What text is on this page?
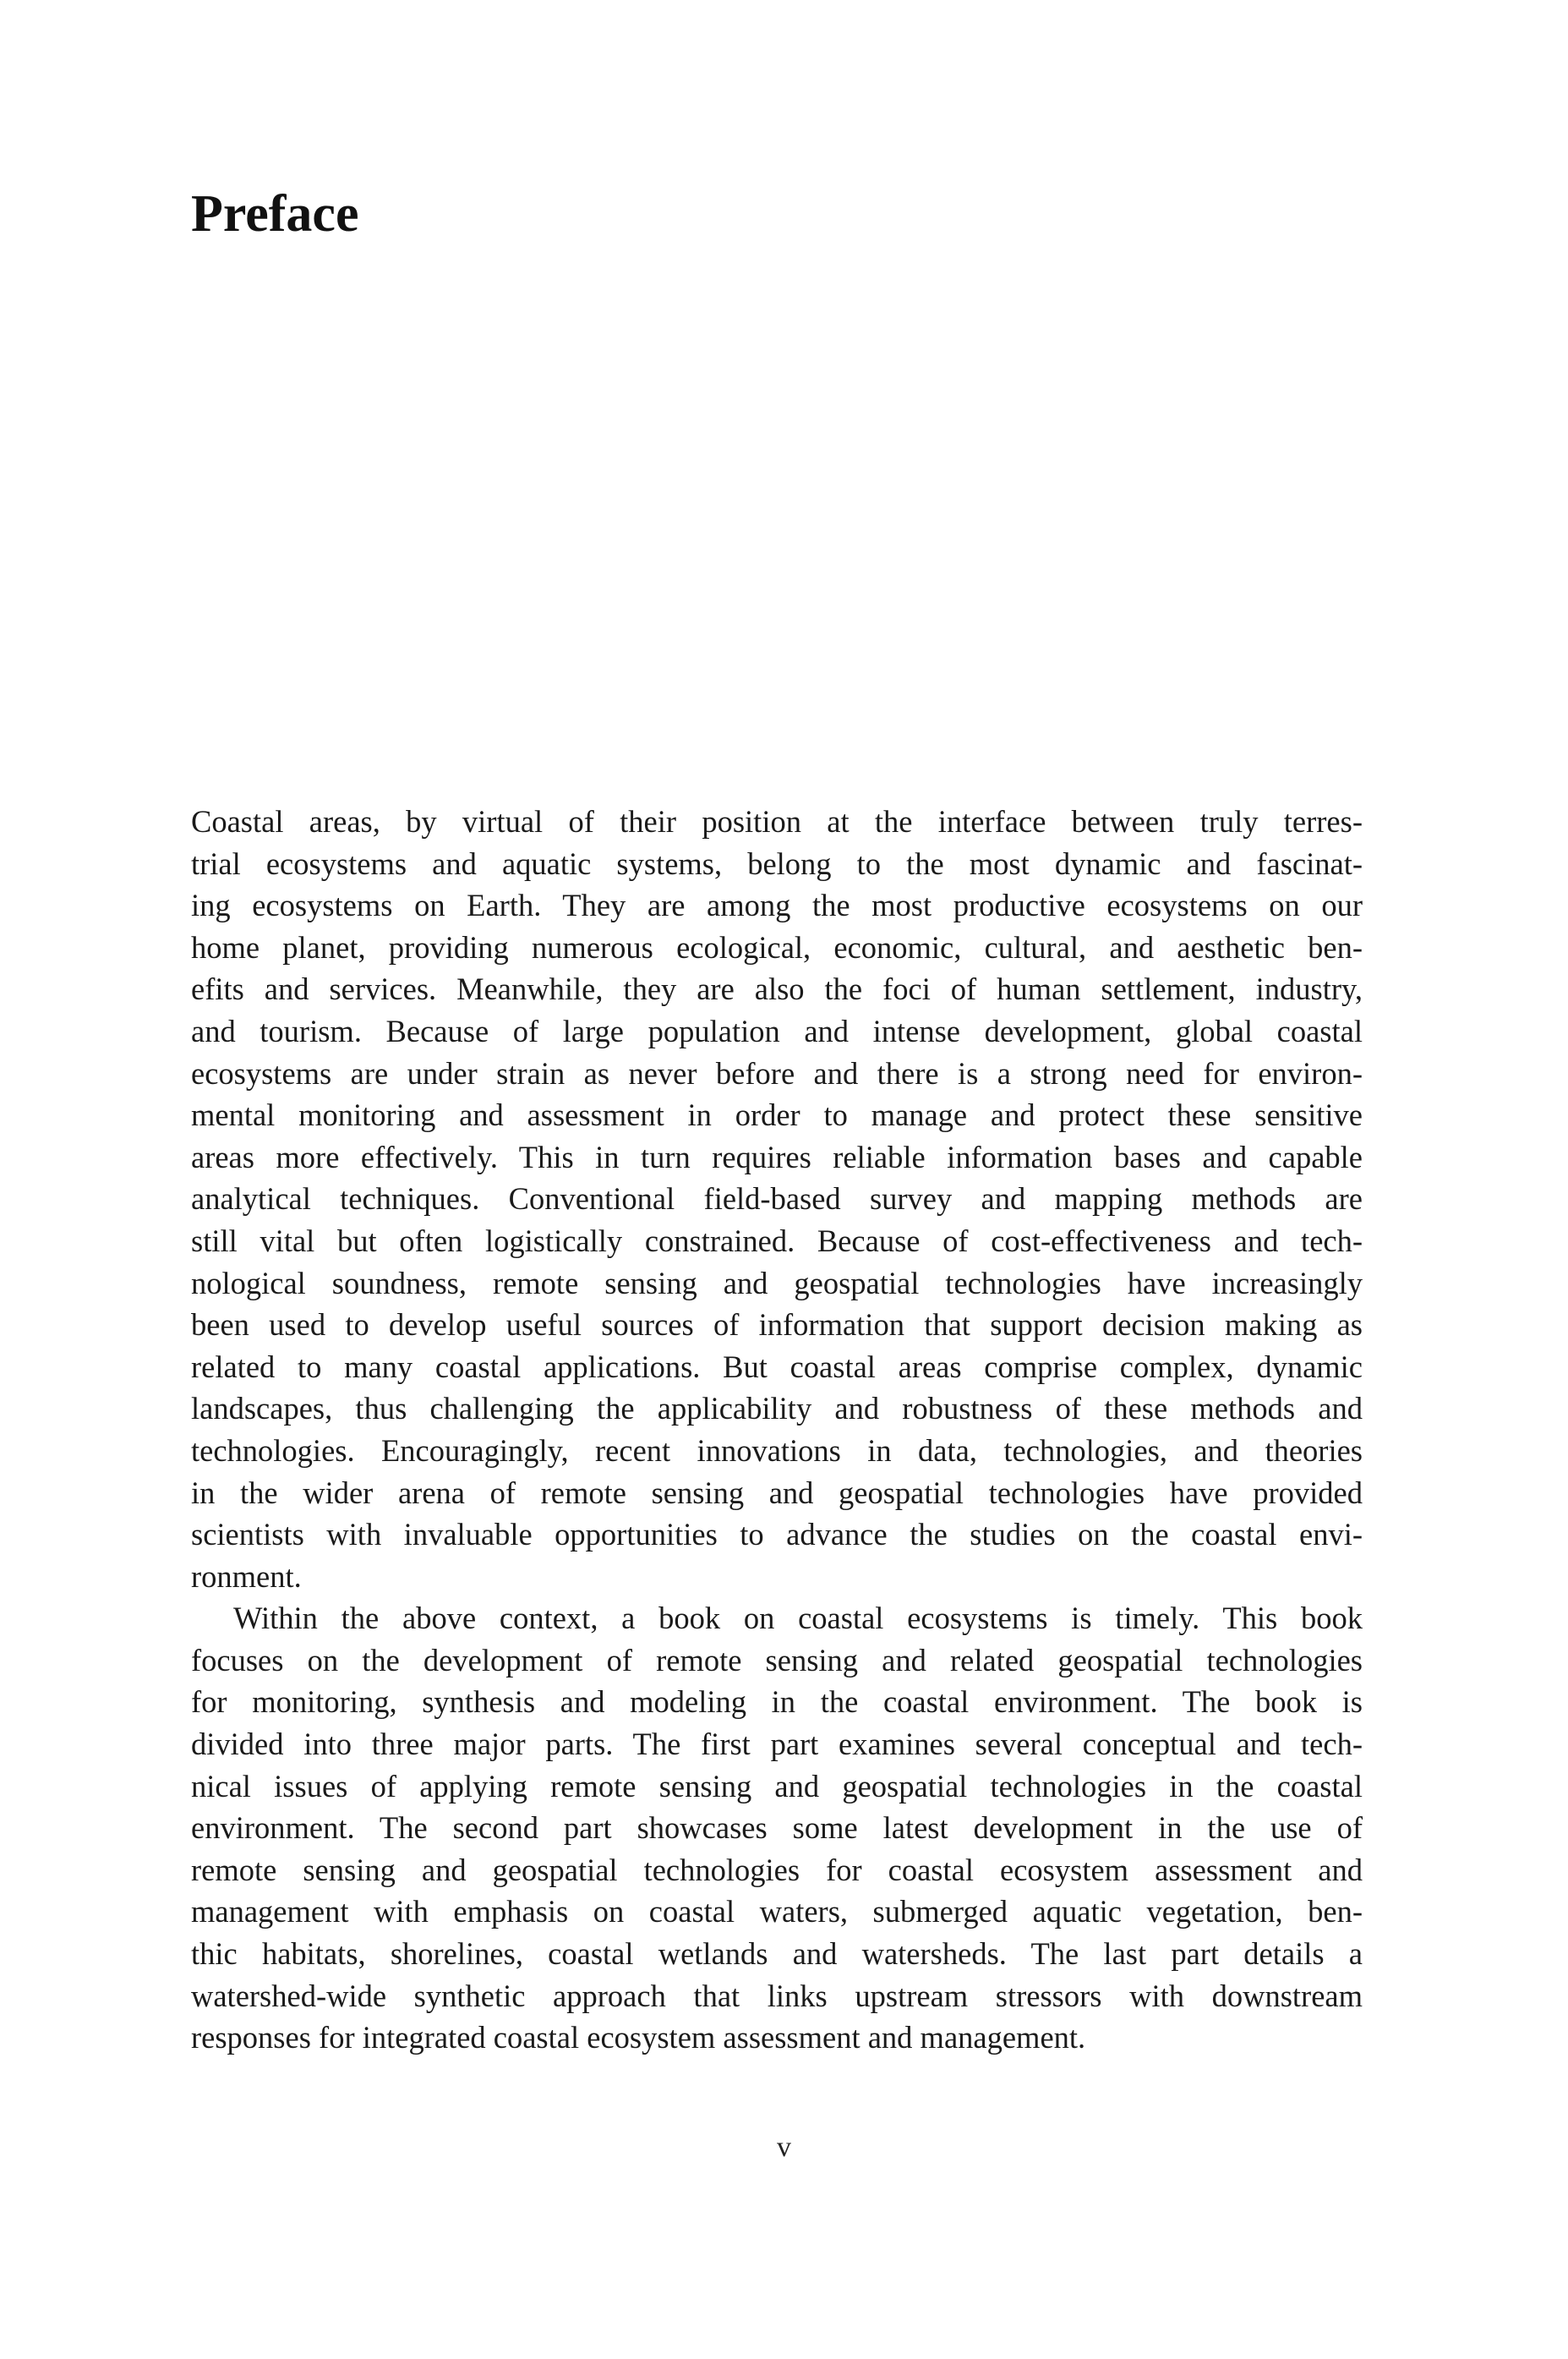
Preface
Coastal areas, by virtual of their position at the interface between truly terres-
trial ecosystems and aquatic systems, belong to the most dynamic and fascinat-
ing ecosystems on Earth. They are among the most productive ecosystems on our
home planet, providing numerous ecological, economic, cultural, and aesthetic ben-
efits and services. Meanwhile, they are also the foci of human settlement, industry,
and tourism. Because of large population and intense development, global coastal
ecosystems are under strain as never before and there is a strong need for environ-
mental monitoring and assessment in order to manage and protect these sensitive
areas more effectively. This in turn requires reliable information bases and capable
analytical techniques. Conventional field-based survey and mapping methods are
still vital but often logistically constrained. Because of cost-effectiveness and tech-
nological soundness, remote sensing and geospatial technologies have increasingly
been used to develop useful sources of information that support decision making as
related to many coastal applications. But coastal areas comprise complex, dynamic
landscapes, thus challenging the applicability and robustness of these methods and
technologies. Encouragingly, recent innovations in data, technologies, and theories
in the wider arena of remote sensing and geospatial technologies have provided
scientists with invaluable opportunities to advance the studies on the coastal envi-
ronment.
Within the above context, a book on coastal ecosystems is timely. This book
focuses on the development of remote sensing and related geospatial technologies
for monitoring, synthesis and modeling in the coastal environment. The book is
divided into three major parts. The first part examines several conceptual and tech-
nical issues of applying remote sensing and geospatial technologies in the coastal
environment. The second part showcases some latest development in the use of
remote sensing and geospatial technologies for coastal ecosystem assessment and
management with emphasis on coastal waters, submerged aquatic vegetation, ben-
thic habitats, shorelines, coastal wetlands and watersheds. The last part details a
watershed-wide synthetic approach that links upstream stressors with downstream
responses for integrated coastal ecosystem assessment and management.
v
